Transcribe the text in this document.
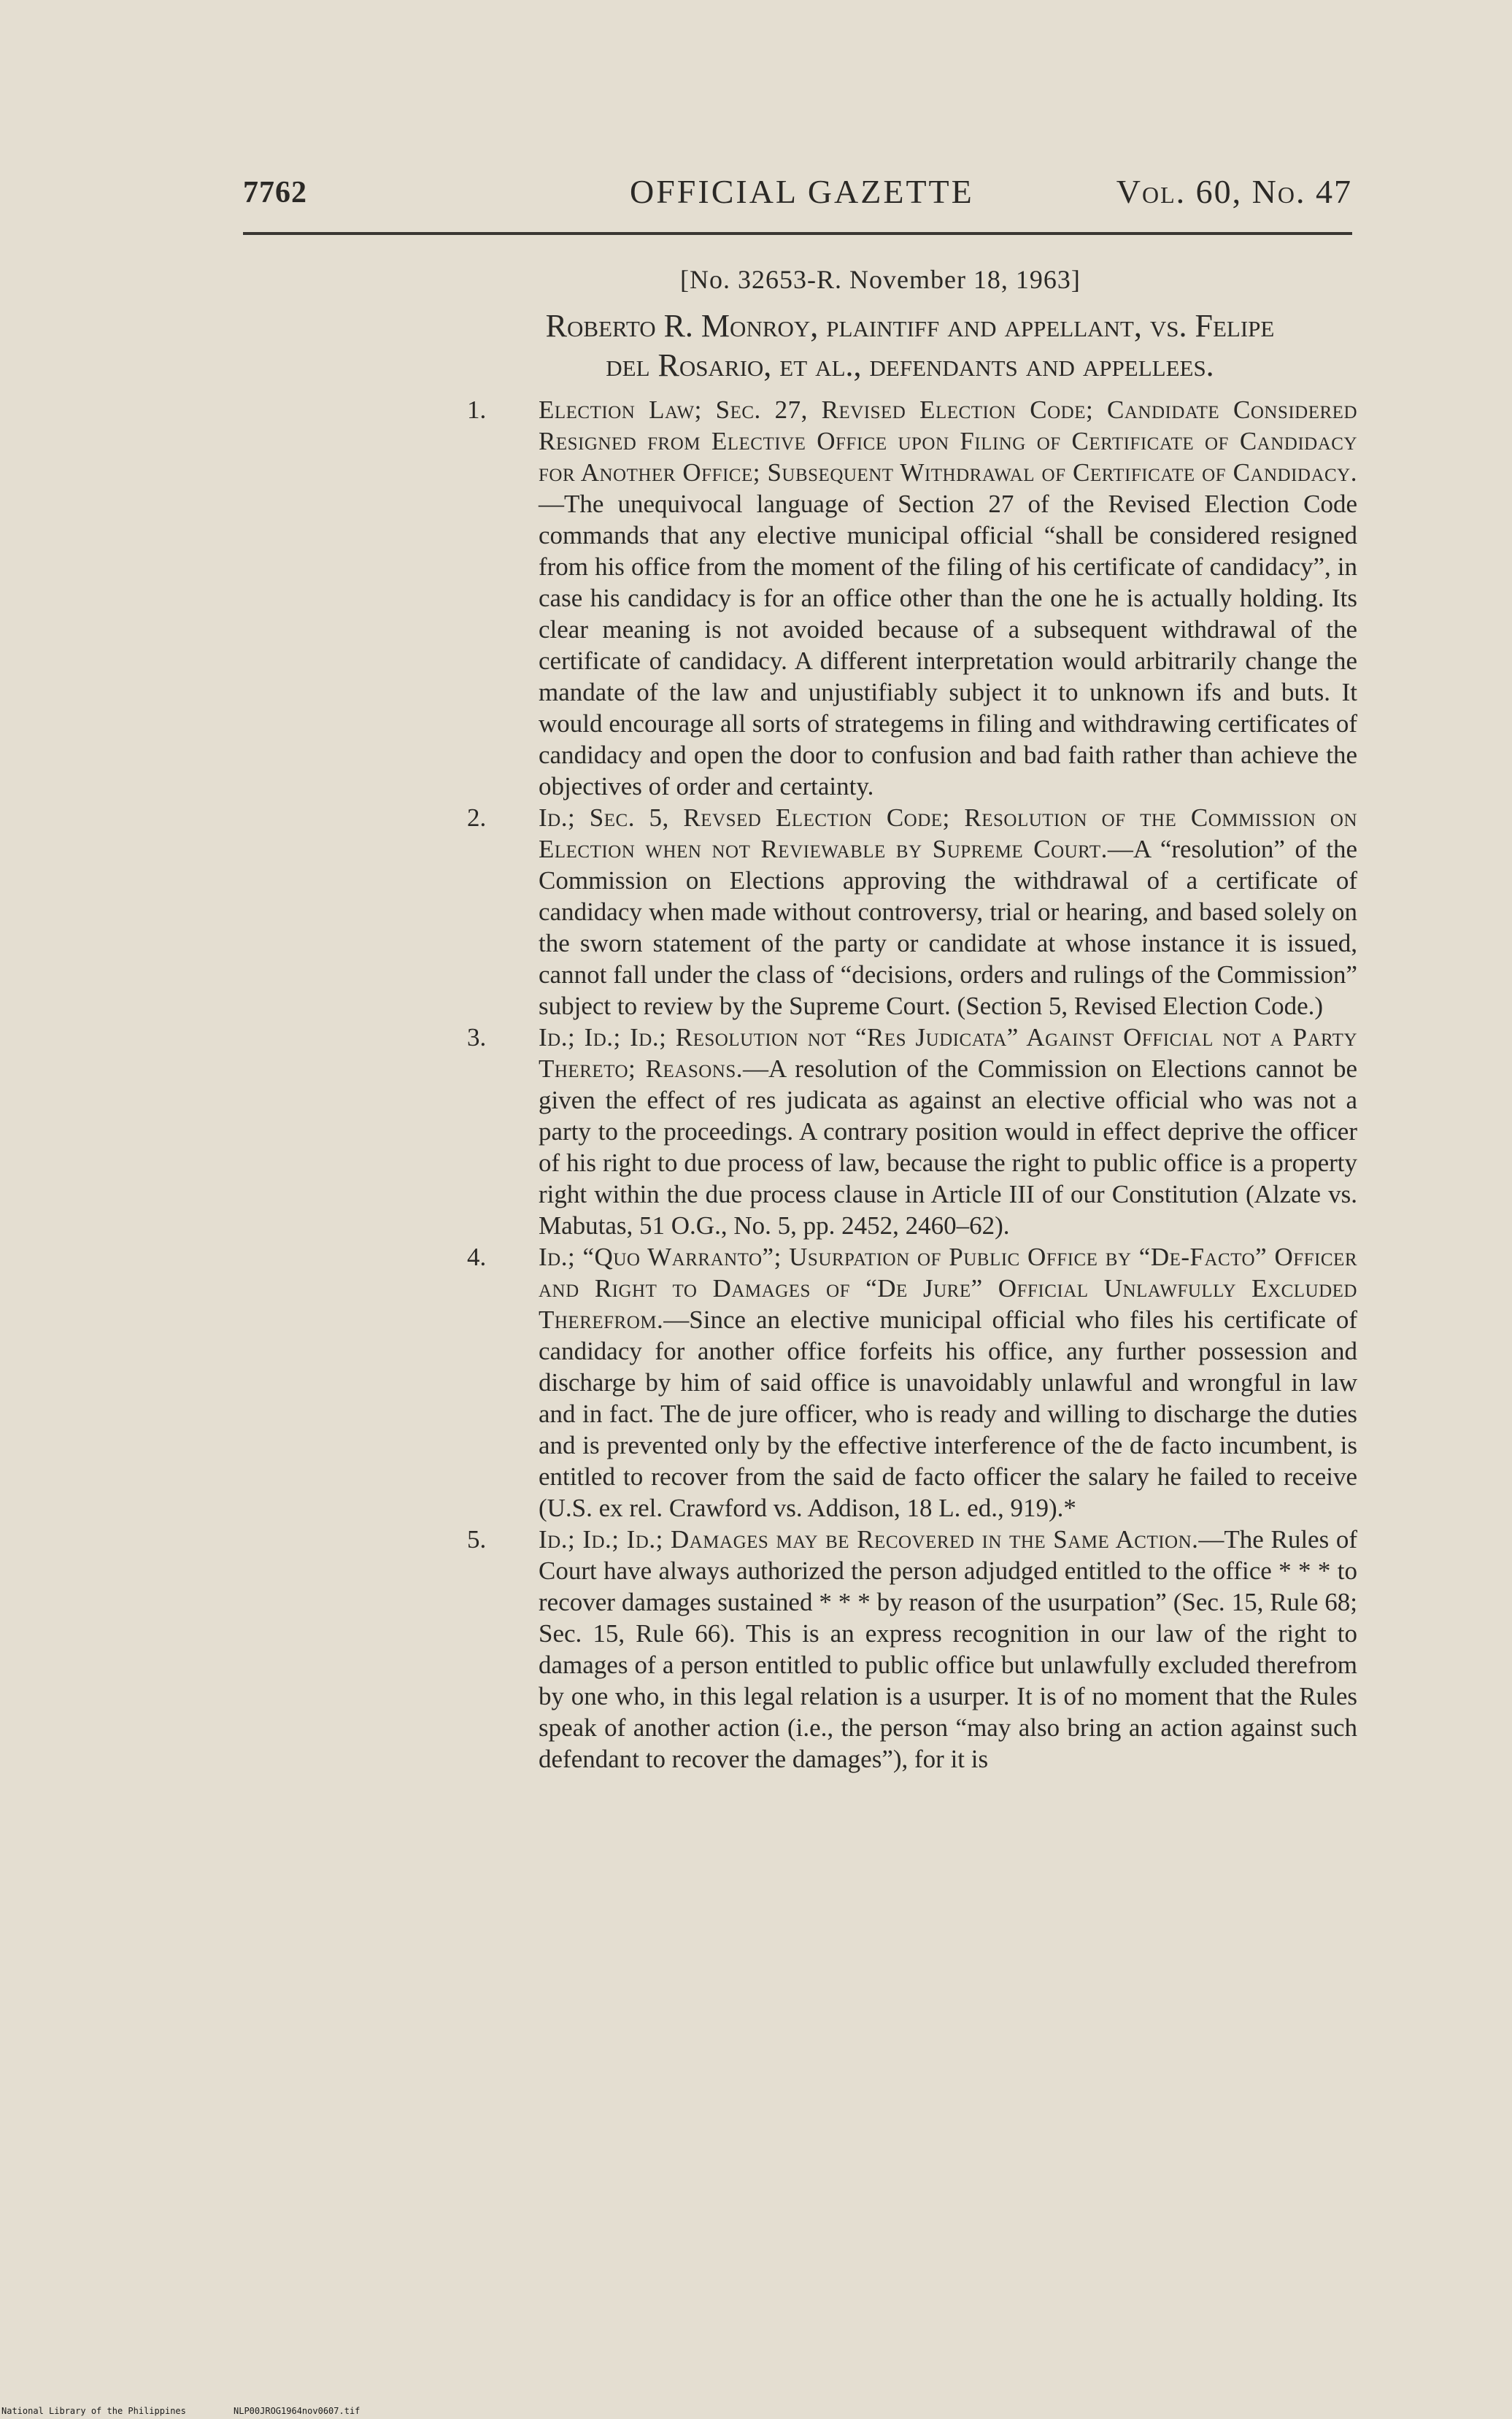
7762	OFFICIAL GAZETTE	Vol. 60, No. 47
[No. 32653-R. November 18, 1963]
Roberto R. Monroy, plaintiff and appellant, vs. Felipe
del Rosario, et al., defendants and appellees.

1. Election Law; Sec. 27, Revised Election Code; Candidate Considered Resigned from Elective Office upon Filing of Certificate of Candidacy for Another Office; Subsequent Withdrawal of Certificate of Candidacy.—The unequivocal language of Section 27 of the Revised Election Code commands that any elective municipal official “shall be considered resigned from his office from the moment of the filing of his certificate of candidacy”, in case his candidacy is for an office other than the one he is actually holding. Its clear meaning is not avoided because of a subsequent withdrawal of the certificate of candidacy. A different interpretation would arbitrarily change the mandate of the law and unjustifiably subject it to unknown ifs and buts. It would encourage all sorts of strategems in filing and withdrawing certificates of candidacy and open the door to confusion and bad faith rather than achieve the objectives of order and certainty.

2. Id.; Sec. 5, Revsed Election Code; Resolution of the Commission on Election when not Reviewable by Supreme Court.—A “resolution” of the Commission on Elections approving the withdrawal of a certificate of candidacy when made without controversy, trial or hearing, and based solely on the sworn statement of the party or candidate at whose instance it is issued, cannot fall under the class of “decisions, orders and rulings of the Commission” subject to review by the Supreme Court. (Section 5, Revised Election Code.)

3. Id.; Id.; Id.; Resolution not “Res Judicata” Against Official not a Party Thereto; Reasons.—A resolution of the Commission on Elections cannot be given the effect of res judicata as against an elective official who was not a party to the proceedings. A contrary position would in effect deprive the officer of his right to due process of law, because the right to public office is a property right within the due process clause in Article III of our Constitution (Alzate vs. Mabutas, 51 O.G., No. 5, pp. 2452, 2460–62).

4. Id.; “Quo Warranto”; Usurpation of Public Office by “De-Facto” Officer and Right to Damages of “De Jure” Official Unlawfully Excluded Therefrom.—Since an elective municipal official who files his certificate of candidacy for another office forfeits his office, any further possession and discharge by him of said office is unavoidably unlawful and wrongful in law and in fact. The de jure officer, who is ready and willing to discharge the duties and is prevented only by the effective interference of the de facto incumbent, is entitled to recover from the said de facto officer the salary he failed to receive (U.S. ex rel. Crawford vs. Addison, 18 L. ed., 919).*

5. Id.; Id.; Id.; Damages may be Recovered in the Same Action.—The Rules of Court have always authorized the person adjudged entitled to the office * * * to recover damages sustained * * * by reason of the usurpation” (Sec. 15, Rule 68; Sec. 15, Rule 66). This is an express recognition in our law of the right to damages of a person entitled to public office but unlawfully excluded therefrom by one who, in this legal relation is a usurper. It is of no moment that the Rules speak of another action (i.e., the person “may also bring an action against such defendant to recover the damages”), for it is

National Library of the Philippines	NLP00JROG1964nov0607.tif
